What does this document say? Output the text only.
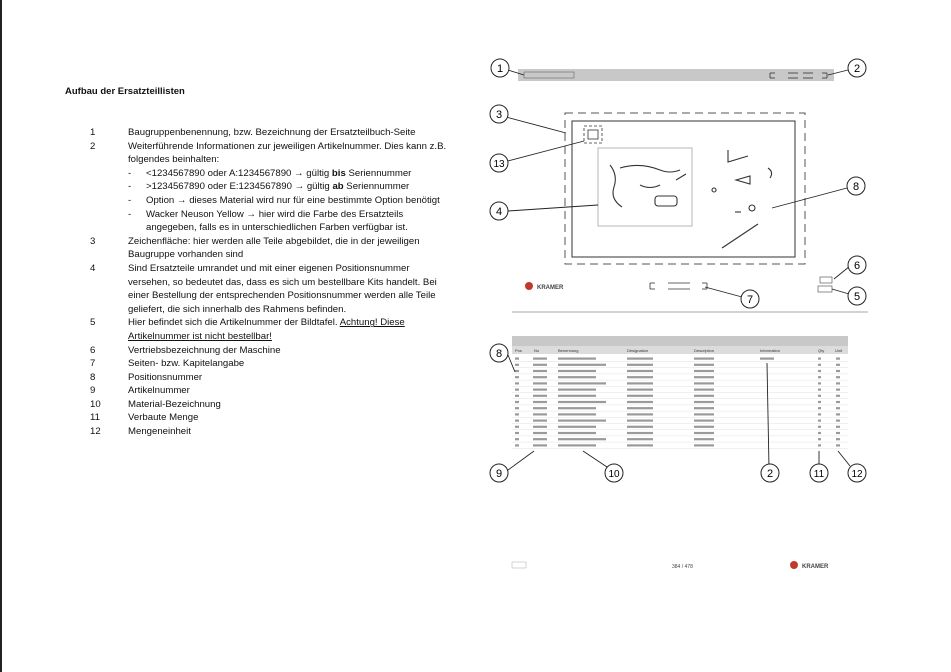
Aufbau der Ersatzteillisten
1	Baugruppenbenennung, bzw. Bezeichnung der Ersatzteilbuch-Seite
2	Weiterführende Informationen zur jeweiligen Artikelnummer. Dies kann z.B. folgendes beinhalten:
-	<1234567890 oder A:1234567890 → gültig bis Seriennummer
-	>1234567890 oder E:1234567890 → gültig ab Seriennummer
-	Option → dieses Material wird nur für eine bestimmte Option benötigt
-	Wacker Neuson Yellow → hier wird die Farbe des Ersatzteils angegeben, falls es in unterschiedlichen Farben verfügbar ist.
3	Zeichenfläche: hier werden alle Teile abgebildet, die in der jeweiligen Baugruppe vorhanden sind
4	Sind Ersatzteile umrandet und mit einer eigenen Positionsnummer versehen, so bedeutet das, dass es sich um bestellbare Kits handelt. Bei einer Bestellung der entsprechenden Positionsnummer werden alle Teile geliefert, die sich innerhalb des Rahmens befinden.
5	Hier befindet sich die Artikelnummer der Bildtafel. Achtung! Diese Artikelnummer ist nicht bestellbar!
6	Vertriebsbezeichnung der Maschine
7	Seiten- bzw. Kapitelangabe
8	Positionsnummer
9	Artikelnummer
10	Material-Bezeichnung
11	Verbaute Menge
12	Mengeneinheit
KRAMER
Pos	No	Benennung	Désignation	Description	Information	Qty	Unit
384 / 478	KRAMER
1	2
3
13
4
8
6
5
7
8
9	10	2	11	12
